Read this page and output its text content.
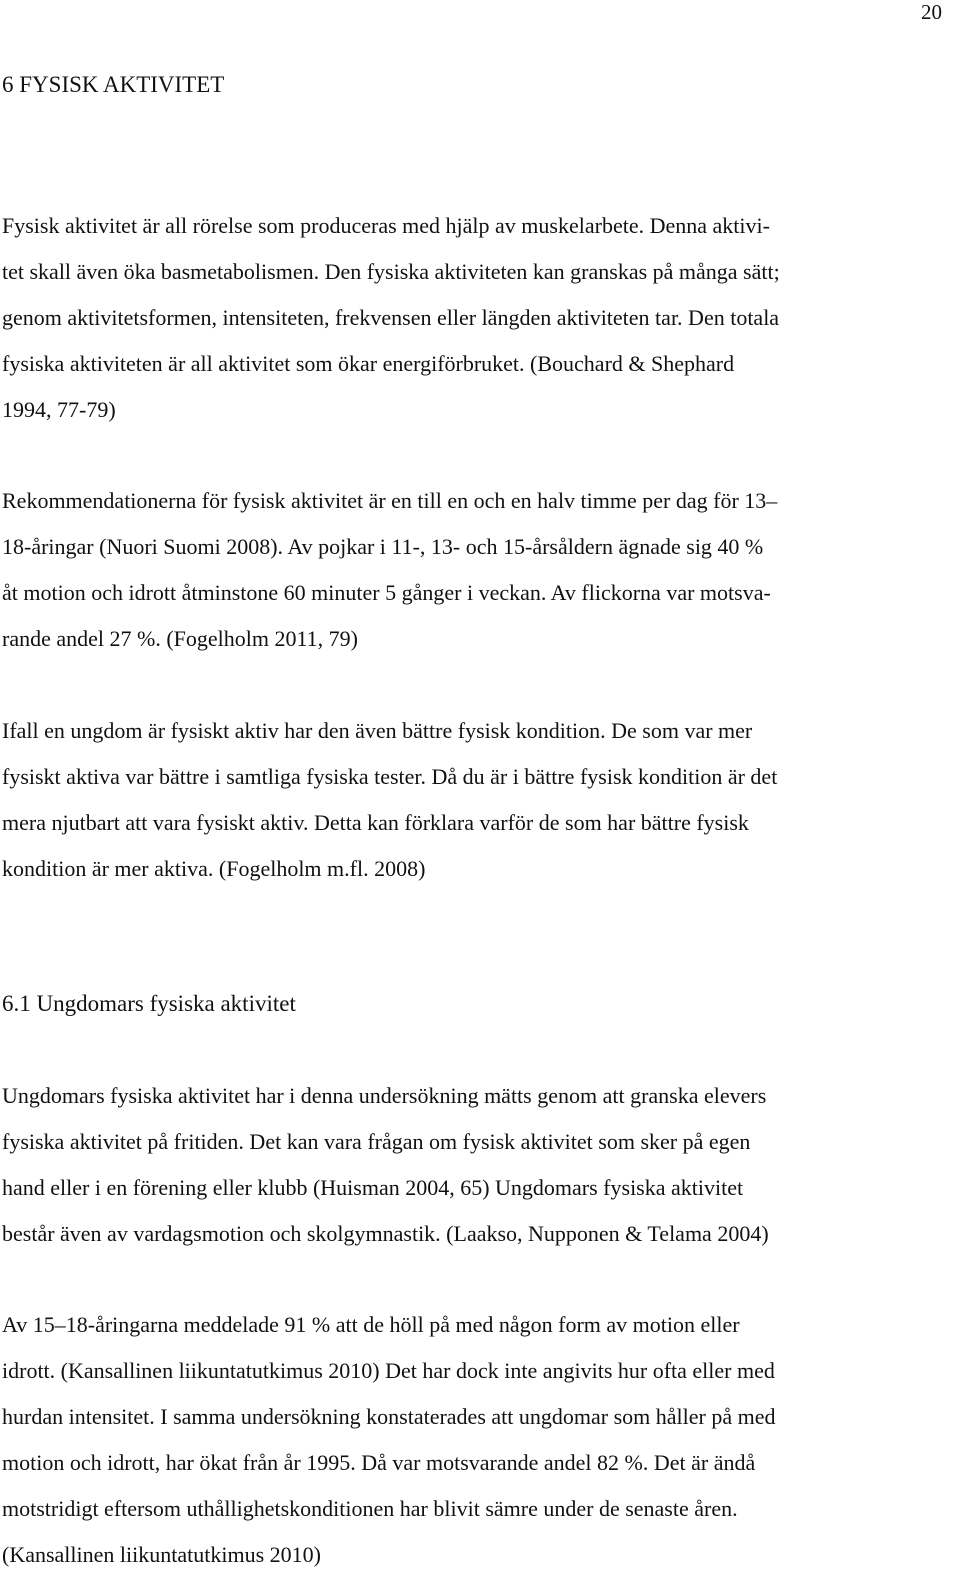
20
6 FYSISK AKTIVITET

Fysisk aktivitet är all rörelse som produceras med hjälp av muskelarbete. Denna aktivi-

tet skall även öka basmetabolismen. Den fysiska aktiviteten kan granskas på många sätt;

genom aktivitetsformen, intensiteten, frekvensen eller längden aktiviteten tar. Den totala

fysiska aktiviteten är all aktivitet som ökar energiförbruket. (Bouchard & Shephard

1994, 77-79)

Rekommendationerna för fysisk aktivitet är en till en och en halv timme per dag för 13–

18-åringar (Nuori Suomi 2008). Av pojkar i 11-, 13- och 15-årsåldern ägnade sig 40 %

åt motion och idrott åtminstone 60 minuter 5 gånger i veckan. Av flickorna var motsva-

rande andel 27 %. (Fogelholm 2011, 79)

Ifall en ungdom är fysiskt aktiv har den även bättre fysisk kondition. De som var mer

fysiskt aktiva var bättre i samtliga fysiska tester. Då du är i bättre fysisk kondition är det

mera njutbart att vara fysiskt aktiv. Detta kan förklara varför de som har bättre fysisk

kondition är mer aktiva. (Fogelholm m.fl. 2008)

6.1 Ungdomars fysiska aktivitet

Ungdomars fysiska aktivitet har i denna undersökning mätts genom att granska elevers

fysiska aktivitet på fritiden. Det kan vara frågan om fysisk aktivitet som sker på egen

hand eller i en förening eller klubb (Huisman 2004, 65) Ungdomars fysiska aktivitet

består även av vardagsmotion och skolgymnastik. (Laakso, Nupponen & Telama 2004)

Av 15–18-åringarna meddelade 91 % att de höll på med någon form av motion eller

idrott. (Kansallinen liikuntatutkimus 2010) Det har dock inte angivits hur ofta eller med

hurdan intensitet. I samma undersökning konstaterades att ungdomar som håller på med

motion och idrott, har ökat från år 1995. Då var motsvarande andel 82 %. Det är ändå

motstridigt eftersom uthållighetskonditionen har blivit sämre under de senaste åren.

(Kansallinen liikuntatutkimus 2010)
